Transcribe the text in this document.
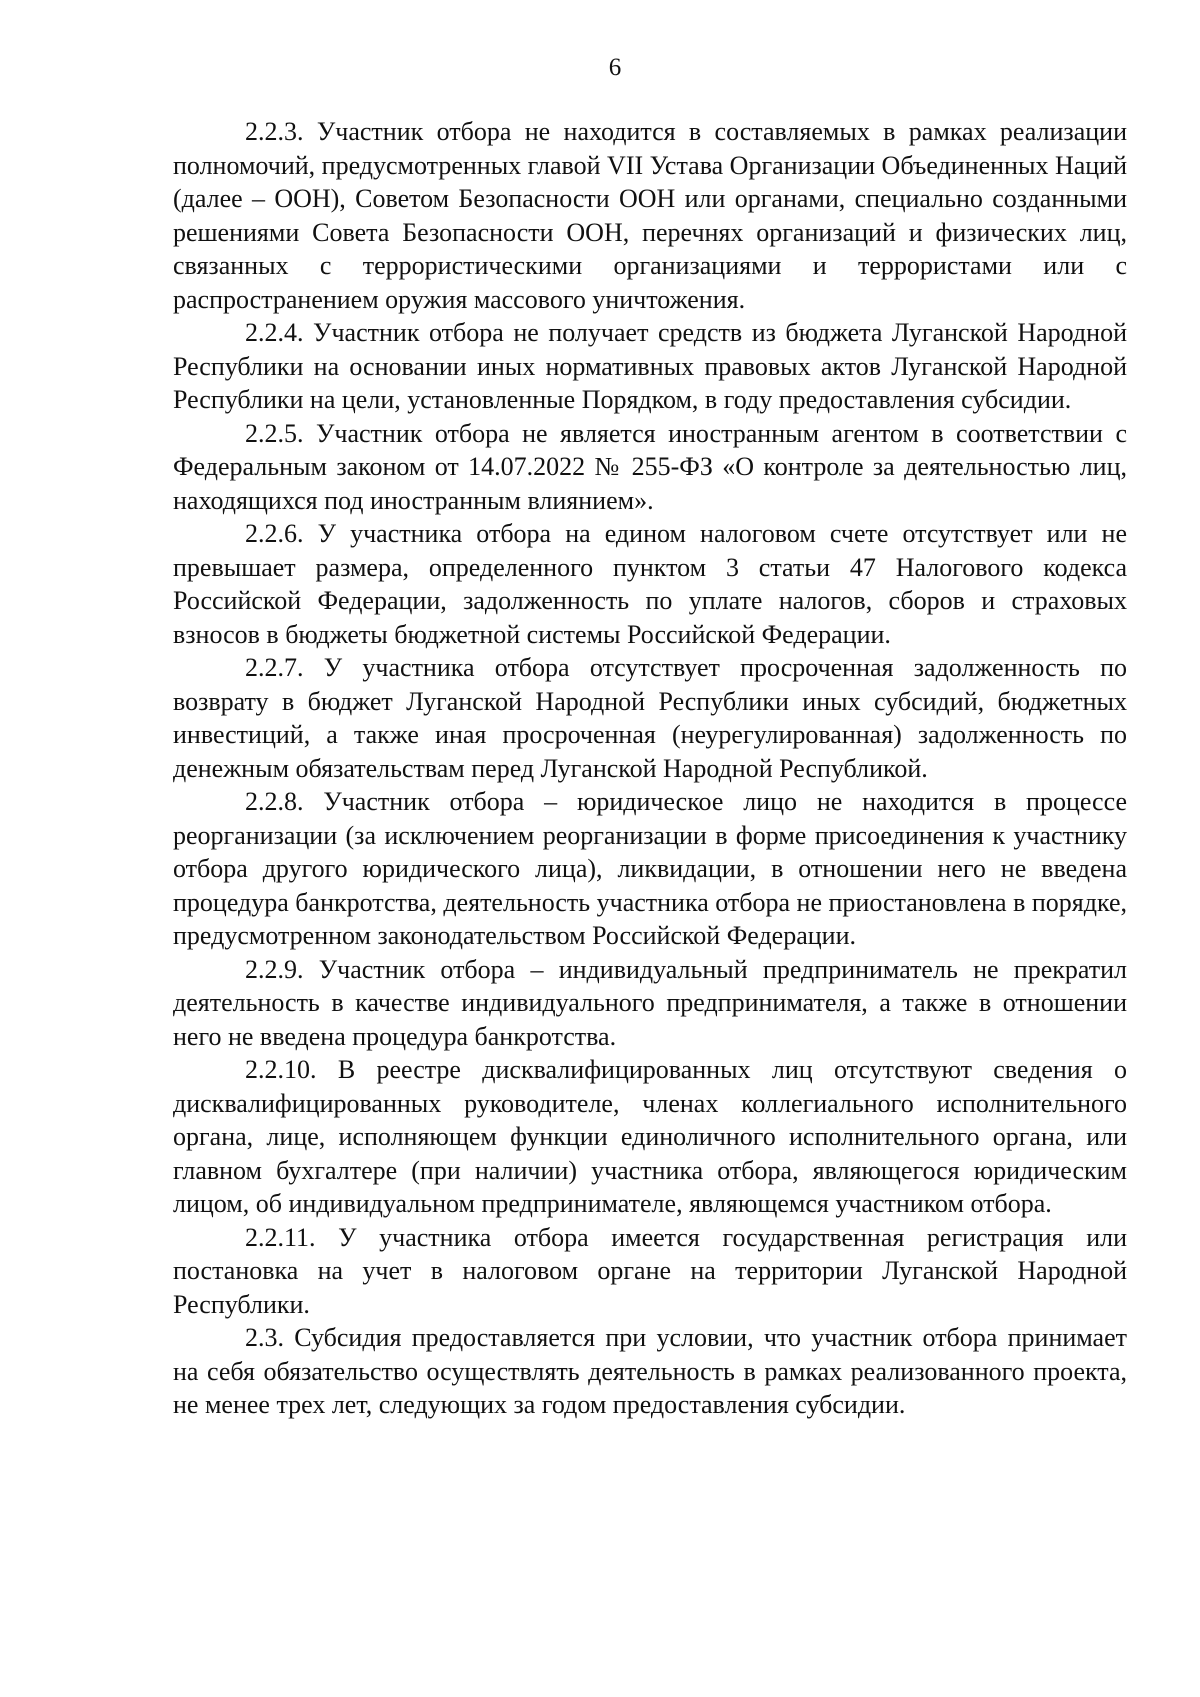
6

2.2.3. Участник отбора не находится в составляемых в рамках реализации полномочий, предусмотренных главой VII Устава Организации Объединенных Наций (далее – ООН), Советом Безопасности ООН или органами, специально созданными решениями Совета Безопасности ООН, перечнях организаций и физических лиц, связанных с террористическими организациями и террористами или с распространением оружия массового уничтожения.

2.2.4. Участник отбора не получает средств из бюджета Луганской Народной Республики на основании иных нормативных правовых актов Луганской Народной Республики на цели, установленные Порядком, в году предоставления субсидии.

2.2.5. Участник отбора не является иностранным агентом в соответствии с Федеральным законом от 14.07.2022 № 255-ФЗ «О контроле за деятельностью лиц, находящихся под иностранным влиянием».

2.2.6. У участника отбора на едином налоговом счете отсутствует или не превышает размера, определенного пунктом 3 статьи 47 Налогового кодекса Российской Федерации, задолженность по уплате налогов, сборов и страховых взносов в бюджеты бюджетной системы Российской Федерации.

2.2.7. У участника отбора отсутствует просроченная задолженность по возврату в бюджет Луганской Народной Республики иных субсидий, бюджетных инвестиций, а также иная просроченная (неурегулированная) задолженность по денежным обязательствам перед Луганской Народной Республикой.

2.2.8. Участник отбора – юридическое лицо не находится в процессе реорганизации (за исключением реорганизации в форме присоединения к участнику отбора другого юридического лица), ликвидации, в отношении него не введена процедура банкротства, деятельность участника отбора не приостановлена в порядке, предусмотренном законодательством Российской Федерации.

2.2.9. Участник отбора – индивидуальный предприниматель не прекратил деятельность в качестве индивидуального предпринимателя, а также в отношении него не введена процедура банкротства.

2.2.10. В реестре дисквалифицированных лиц отсутствуют сведения о дисквалифицированных руководителе, членах коллегиального исполнительного органа, лице, исполняющем функции единоличного исполнительного органа, или главном бухгалтере (при наличии) участника отбора, являющегося юридическим лицом, об индивидуальном предпринимателе, являющемся участником отбора.

2.2.11. У участника отбора имеется государственная регистрация или постановка на учет в налоговом органе на территории Луганской Народной Республики.

2.3. Субсидия предоставляется при условии, что участник отбора принимает на себя обязательство осуществлять деятельность в рамках реализованного проекта, не менее трех лет, следующих за годом предоставления субсидии.
